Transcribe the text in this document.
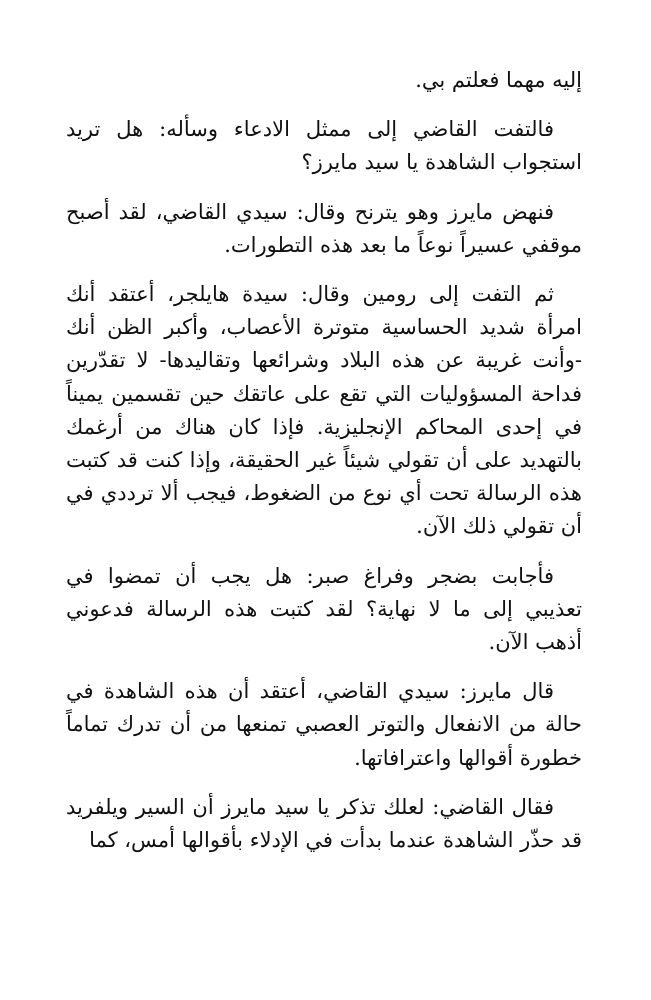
إليه مهما فعلتم بي.

فالتفت القاضي إلى ممثل الادعاء وسأله: هل تريد استجواب الشاهدة يا سيد مايرز؟

فنهض مايرز وهو يترنح وقال: سيدي القاضي، لقد أصبح موقفي عسيراً نوعاً ما بعد هذه التطورات.

ثم التفت إلى رومين وقال: سيدة هايلجر، أعتقد أنك امرأة شديد الحساسية متوترة الأعصاب، وأكبر الظن أنك -وأنت غريبة عن هذه البلاد وشرائعها وتقاليدها- لا تقدّرين فداحة المسؤوليات التي تقع على عاتقك حين تقسمين يميناً في إحدى المحاكم الإنجليزية. فإذا كان هناك من أرغمك بالتهديد على أن تقولي شيئاً غير الحقيقة، وإذا كنت قد كتبت هذه الرسالة تحت أي نوع من الضغوط، فيجب ألا ترددي في أن تقولي ذلك الآن.

فأجابت بضجر وفراغ صبر: هل يجب أن تمضوا في تعذيبي إلى ما لا نهاية؟ لقد كتبت هذه الرسالة فدعوني أذهب الآن.

قال مايرز: سيدي القاضي، أعتقد أن هذه الشاهدة في حالة من الانفعال والتوتر العصبي تمنعها من أن تدرك تماماً خطورة أقوالها واعترافاتها.

فقال القاضي: لعلك تذكر يا سيد مايرز أن السير ويلفريد قد حذّر الشاهدة عندما بدأت في الإدلاء بأقوالها أمس، كما
